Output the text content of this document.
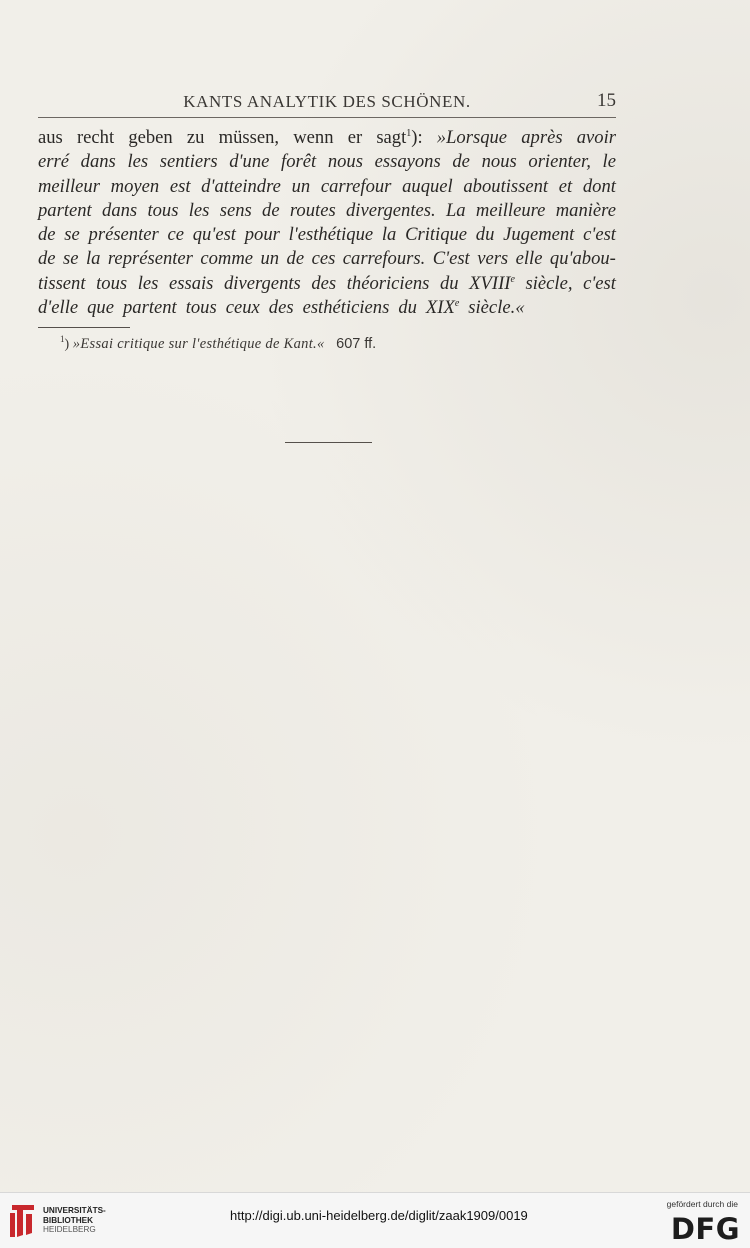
KANTS ANALYTIK DES SCHÖNEN.	15
aus recht geben zu müssen, wenn er sagt$^1$): »Lorsque après avoir
erré dans les sentiers d'une forêt nous essayons de nous orienter, le
meilleur moyen est d'atteindre un carrefour auquel aboutissent et dont
partent dans tous les sens de routes divergentes. La meilleure manière
de se présenter ce qu'est pour l'esthétique la Critique du Jugement c'est
de se la représenter comme un de ces carrefours. C'est vers elle qu'abou-
tissent tous les essais divergents des théoriciens du XVIIIe siècle, c'est
d'elle que partent tous ceux des esthéticiens du XIXe siècle.«
$^1$) »Essai critique sur l'esthétique de Kant.« 607 ff.
UNIVERSITÄTS-
BIBLIOTHEK
HEIDELBERG
http://digi.ub.uni-heidelberg.de/diglit/zaak1909/0019
gefördert durch die
DFG
